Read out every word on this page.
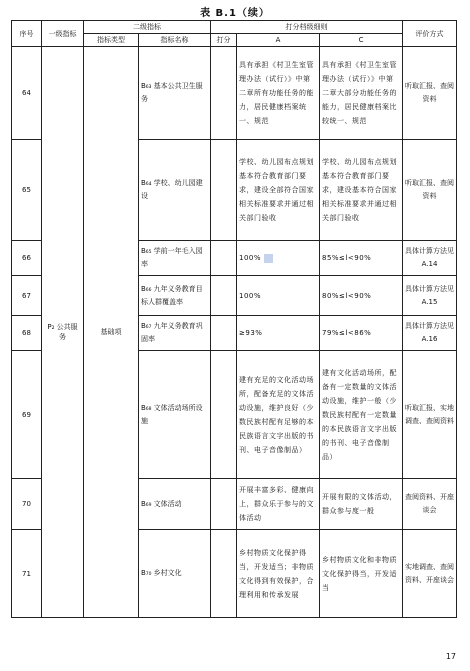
表 B.1（续）
序号	一级指标	二级指标		打分档级细则			评价方式
		指标类型	指标名称	打分	A	C	
64	P₂ 公共服务	基础项	B₆₃ 基本公共卫生服务		具有承担《村卫生室管理办法（试行）》中第二章所有功能任务的能力，居民健康档案统一、规范	具有承担《村卫生室管理办法（试行）》中第二章大部分功能任务的能力，居民健康档案比较统一、规范	听取汇报、查阅资料
65			B₆₄ 学校、幼儿园建设		学校、幼儿园布点规划基本符合教育部门要求，建设全部符合国家相关标准要求并通过相关部门验收	学校、幼儿园布点规划基本符合教育部门要求，建设基本符合国家相关标准要求并通过相关部门验收	听取汇报、查阅资料
66			B₆₅ 学前一年毛入园率		100%	85%≤l<90%	具体计算方法见 A.14
67			B₆₆ 九年义务教育目标人群覆盖率		100%	80%≤l<90%	具体计算方法见 A.15
68			B₆₇ 九年义务教育巩固率		≥93%	79%≤l<86%	具体计算方法见 A.16
69			B₆₈ 文体活动场所设施		建有充足的文化活动场所，配备充足的文体活动设施，维护良好（少数民族村配有足够的本民族语言文字出版的书刊、电子音像制品）	建有文化活动场所，配备有一定数量的文体活动设施，维护一般（少数民族村配有一定数量的本民族语言文字出版的书刊、电子音像制品）	听取汇报、实地调查、查阅资料
70			B₆₉ 文体活动		开展丰富多彩、健康向上，群众乐于参与的文体活动	开展有限的文体活动，群众参与度一般	查阅资料、开座谈会
71			B₇₀ 乡村文化		乡村物质文化保护得当，开发适当；非物质文化得到有效保护，合理利用和传承发展	乡村物质文化和非物质文化保护得当，开发适当	实地调查、查阅资料、开座谈会
17
